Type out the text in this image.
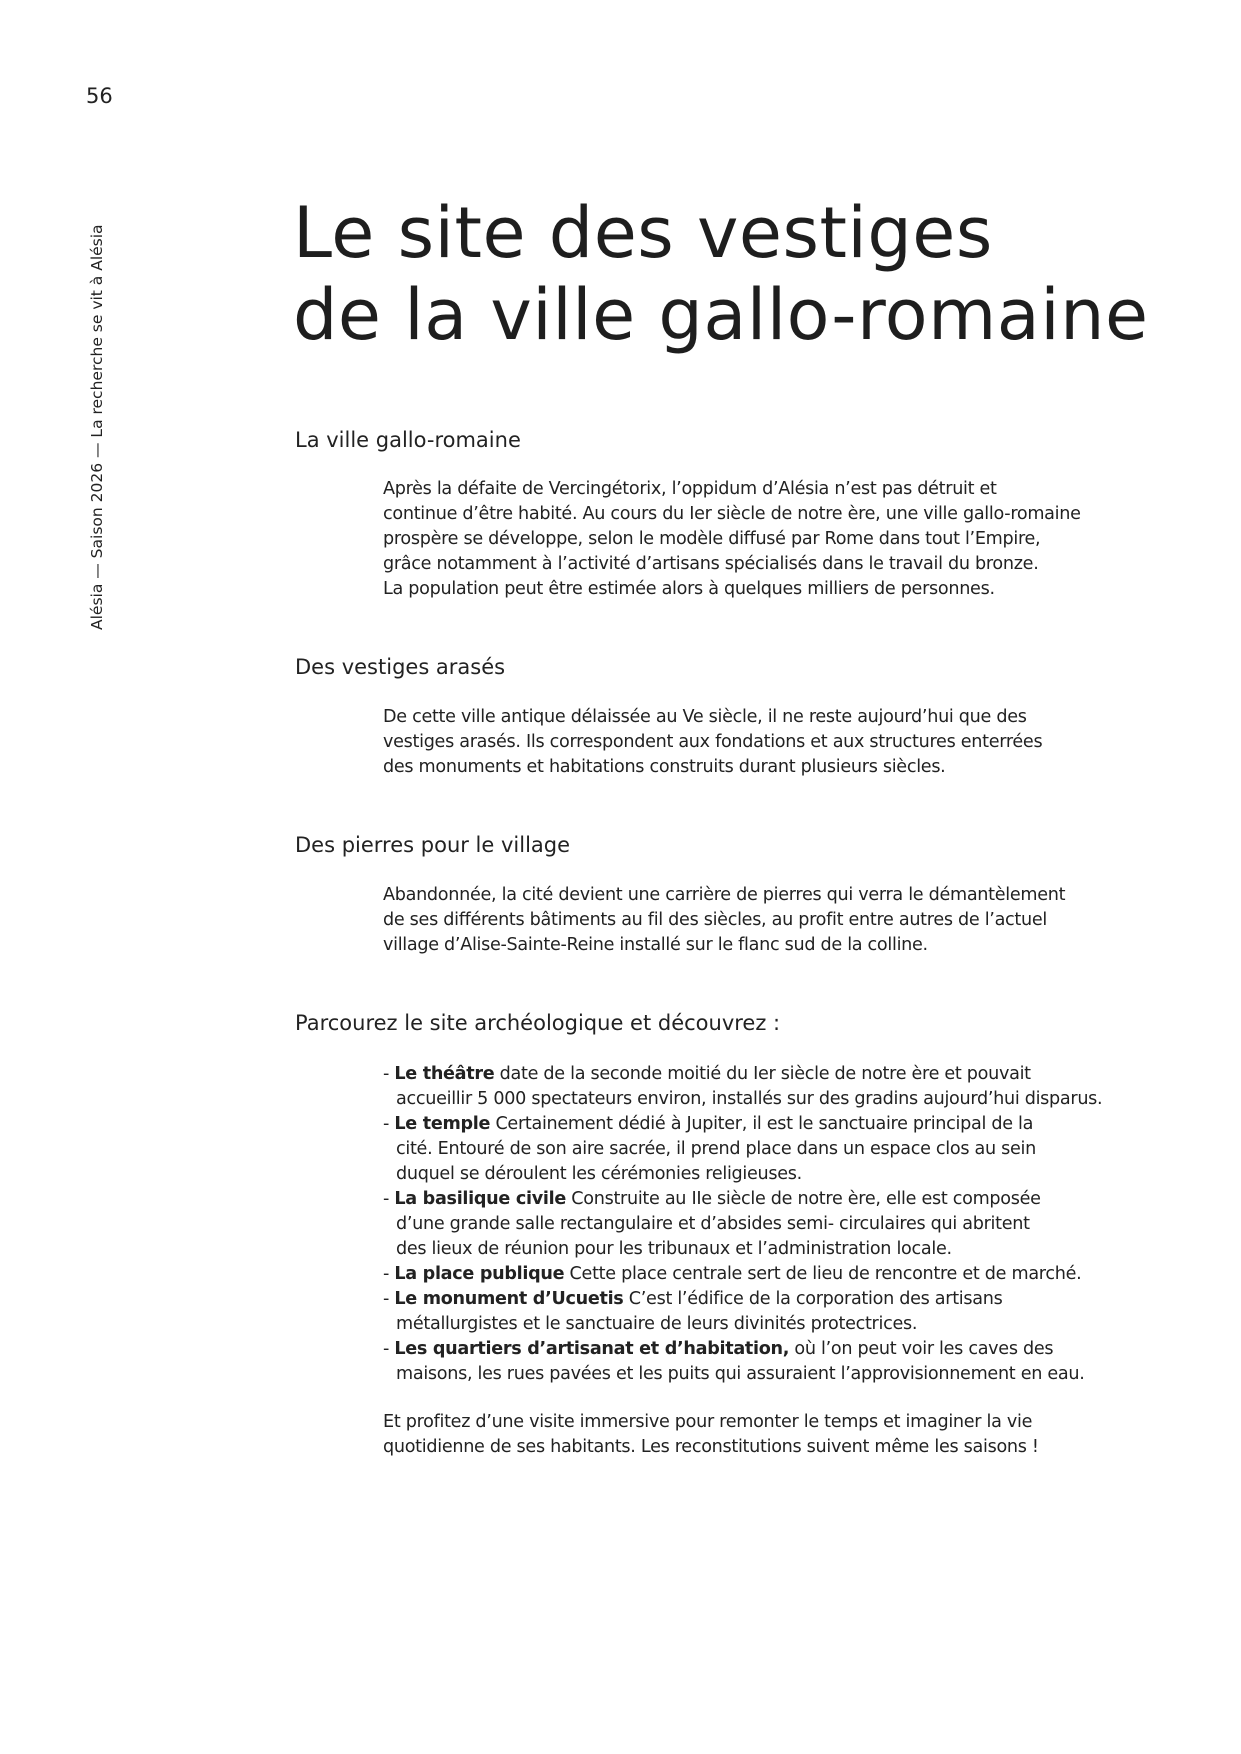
56
Alésia — Saison 2026 — La recherche se vit à Alésia	Le site des vestiges
de la ville gallo-romaine
La ville gallo-romaine
Après la défaite de Vercingétorix, l’oppidum d’Alésia n’est pas détruit et
continue d’être habité. Au cours du Ier siècle de notre ère, une ville gallo-romaine
prospère se développe, selon le modèle diffusé par Rome dans tout l’Empire,
grâce notamment à l’activité d’artisans spécialisés dans le travail du bronze.
La population peut être estimée alors à quelques milliers de personnes.
Des vestiges arasés
De cette ville antique délaissée au Ve siècle, il ne reste aujourd’hui que des
vestiges arasés. Ils correspondent aux fondations et aux structures enterrées
des monuments et habitations construits durant plusieurs siècles.
Des pierres pour le village
Abandonnée, la cité devient une carrière de pierres qui verra le démantèlement
de ses différents bâtiments au fil des siècles, au profit entre autres de l’actuel
village d’Alise-Sainte-Reine installé sur le flanc sud de la colline.
Parcourez le site archéologique et découvrez :
- Le théâtre date de la seconde moitié du Ier siècle de notre ère et pouvait
accueillir 5 000 spectateurs environ, installés sur des gradins aujourd’hui disparus.
- Le temple Certainement dédié à Jupiter, il est le sanctuaire principal de la
cité. Entouré de son aire sacrée, il prend place dans un espace clos au sein
duquel se déroulent les cérémonies religieuses.
- La basilique civile Construite au IIe siècle de notre ère, elle est composée
d’une grande salle rectangulaire et d’absides semi- circulaires qui abritent
des lieux de réunion pour les tribunaux et l’administration locale.
- La place publique Cette place centrale sert de lieu de rencontre et de marché.
- Le monument d’Ucuetis C’est l’édifice de la corporation des artisans
métallurgistes et le sanctuaire de leurs divinités protectrices.
- Les quartiers d’artisanat et d’habitation, où l’on peut voir les caves des
maisons, les rues pavées et les puits qui assuraient l’approvisionnement en eau.
Et profitez d’une visite immersive pour remonter le temps et imaginer la vie
quotidienne de ses habitants. Les reconstitutions suivent même les saisons !
